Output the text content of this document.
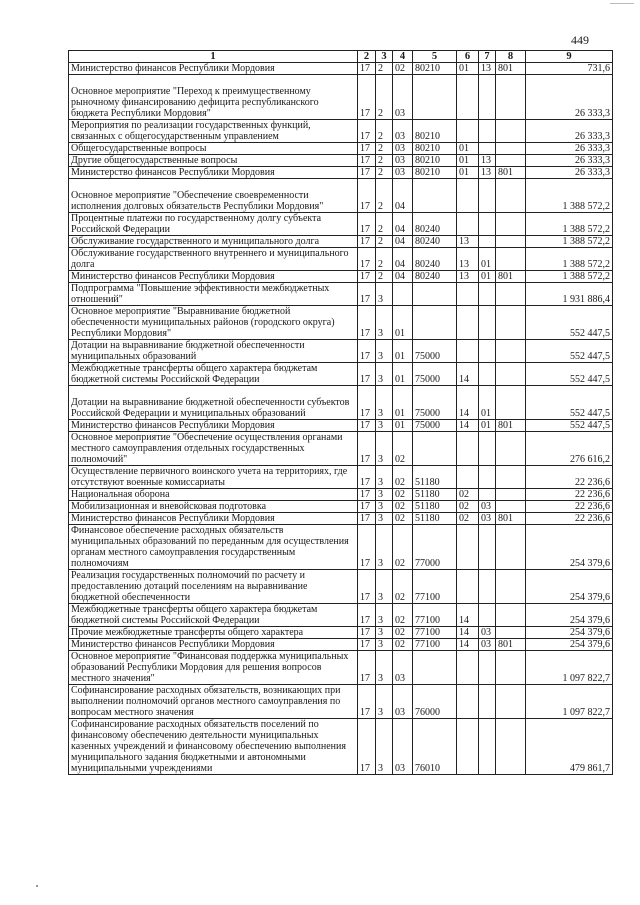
449
1	2	3	4	5	6	7	8	9
Министерство финансов Республики Мордовия	17	2	02	80210	01	13	801	731,6
Основное мероприятие "Переход к преимущественному рыночному финансированию дефицита республиканского бюджета Республики Мордовия"	17	2	03					26 333,3
Мероприятия по реализации государственных функций, связанных с общегосударственным управлением	17	2	03	80210				26 333,3
Общегосударственные вопросы	17	2	03	80210	01			26 333,3
Другие общегосударственные вопросы	17	2	03	80210	01	13		26 333,3
Министерство финансов Республики Мордовия	17	2	03	80210	01	13	801	26 333,3
Основное мероприятие "Обеспечение своевременности исполнения долговых обязательств Республики Мордовия"	17	2	04					1 388 572,2
Процентные платежи по государственному долгу субъекта Российской Федерации	17	2	04	80240				1 388 572,2
Обслуживание государственного и муниципального долга	17	2	04	80240	13			1 388 572,2
Обслуживание государственного внутреннего и муниципального долга	17	2	04	80240	13	01		1 388 572,2
Министерство финансов Республики Мордовия	17	2	04	80240	13	01	801	1 388 572,2
Подпрограмма "Повышение эффективности межбюджетных отношений"	17	3						1 931 886,4
Основное мероприятие "Выравнивание бюджетной обеспеченности муниципальных районов (городского округа) Республики Мордовия"	17	3	01					552 447,5
Дотации на выравнивание бюджетной обеспеченности муниципальных образований	17	3	01	75000				552 447,5
Межбюджетные трансферты общего характера бюджетам бюджетной системы Российской Федерации	17	3	01	75000	14			552 447,5
Дотации на выравнивание бюджетной обеспеченности субъектов Российской Федерации и муниципальных образований	17	3	01	75000	14	01		552 447,5
Министерство финансов Республики Мордовия	17	3	01	75000	14	01	801	552 447,5
Основное мероприятие "Обеспечение осуществления органами местного самоуправления отдельных государственных полномочий"	17	3	02					276 616,2
Осуществление первичного воинского учета на территориях, где отсутствуют военные комиссариаты	17	3	02	51180				22 236,6
Национальная оборона	17	3	02	51180	02			22 236,6
Мобилизационная и вневойсковая подготовка	17	3	02	51180	02	03		22 236,6
Министерство финансов Республики Мордовия	17	3	02	51180	02	03	801	22 236,6
Финансовое обеспечение расходных обязательств муниципальных образований по переданным для осуществления органам местного самоуправления государственным полномочиям	17	3	02	77000				254 379,6
Реализация государственных полномочий по расчету и предоставлению дотаций поселениям на выравнивание бюджетной обеспеченности	17	3	02	77100				254 379,6
Межбюджетные трансферты общего характера бюджетам бюджетной системы Российской Федерации	17	3	02	77100	14			254 379,6
Прочие межбюджетные трансферты общего характера	17	3	02	77100	14	03		254 379,6
Министерство финансов Республики Мордовия	17	3	02	77100	14	03	801	254 379,6
Основное мероприятие "Финансовая поддержка муниципальных образований Республики Мордовия для решения вопросов местного значения"	17	3	03					1 097 822,7
Софинансирование расходных обязательств, возникающих при выполнении полномочий органов местного самоуправления по вопросам местного значения	17	3	03	76000				1 097 822,7
Софинансирование расходных обязательств поселений по финансовому обеспечению деятельности муниципальных казенных учреждений и финансовому обеспечению выполнения муниципального задания бюджетными и автономными муниципальными учреждениями	17	3	03	76010				479 861,7
